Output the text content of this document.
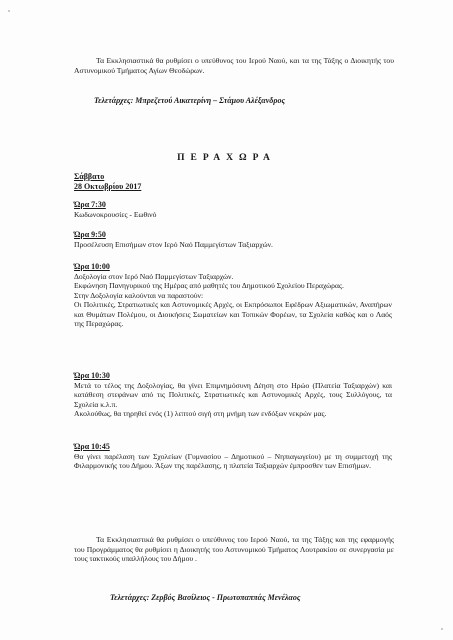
Τα Εκκλησιαστικά θα ρυθμίσει ο υπεύθυνος του Ιερού Ναού, και τα της Τάξης ο Διοικητής του Αστυνομικού Τμήματος Αγίων Θεοδώρων.

Τελετάρχες: Μπρεζετού Αικατερίνη – Στάμου Αλέξανδρος
ΠΕΡΑΧΩΡΑ
Σάββατο
28 Οκτωβρίου 2017
Ώρα 7:30
Κωδωνοκρουσίες - Εωθινό
Ώρα 9:50
Προσέλευση Επισήμων στον Ιερό Ναό Παμμεγίστων Ταξιαρχών.
Ώρα 10:00
Δοξολογία στον Ιερό Ναό Παμμεγίστων Ταξιαρχών.
Εκφώνηση Πανηγυρικού της Ημέρας από μαθητές του Δημοτικού Σχολείου Περαχώρας.
Στην Δοξολογία καλούνται να παραστούν:
Οι Πολιτικές, Στρατιωτικές και Αστυνομικές Αρχές, οι Εκπρόσωποι Εφέδρων Αξιωματικών, Αναπήρων και Θυμάτων Πολέμου, οι Διοικήσεις Σωματείων και Τοπικών Φορέων, τα Σχολεία καθώς και ο Λαός της Περαχώρας.
Ώρα 10:30
Μετά το τέλος της Δοξολογίας, θα γίνει Επιμνημόσυνη Δέηση στο Ηρώο (Πλατεία Ταξιαρχών) και κατάθεση στεφάνων από τις Πολιτικές, Στρατιωτικές και Αστυνομικές Αρχές, τους Συλλόγους, τα Σχολεία κ.λ.π.
Ακολούθως, θα τηρηθεί ενός (1) λεπτού σιγή στη μνήμη των ενδόξων νεκρών μας.
Ώρα 10:45
Θα γίνει παρέλαση των Σχολείων (Γυμνασίου – Δημοτικού – Νηπιαγωγείου) με τη συμμετοχή της Φιλαρμονικής του Δήμου. Άξων της παρέλασης, η πλατεία Ταξιαρχών έμπροσθεν των Επισήμων.

Τα Εκκλησιαστικά θα ρυθμίσει ο υπεύθυνος του Ιερού Ναού, τα της Τάξης και της εφαρμογής του Προγράμματος θα ρυθμίσει η Διοικητής του Αστυνομικού Τμήματος Λουτρακίου σε συνεργασία με τους τακτικούς υπαλλήλους του Δήμου .

Τελετάρχες: Ζερβός Βασίλειος - Πρωτοπαππάς Μενέλαος
